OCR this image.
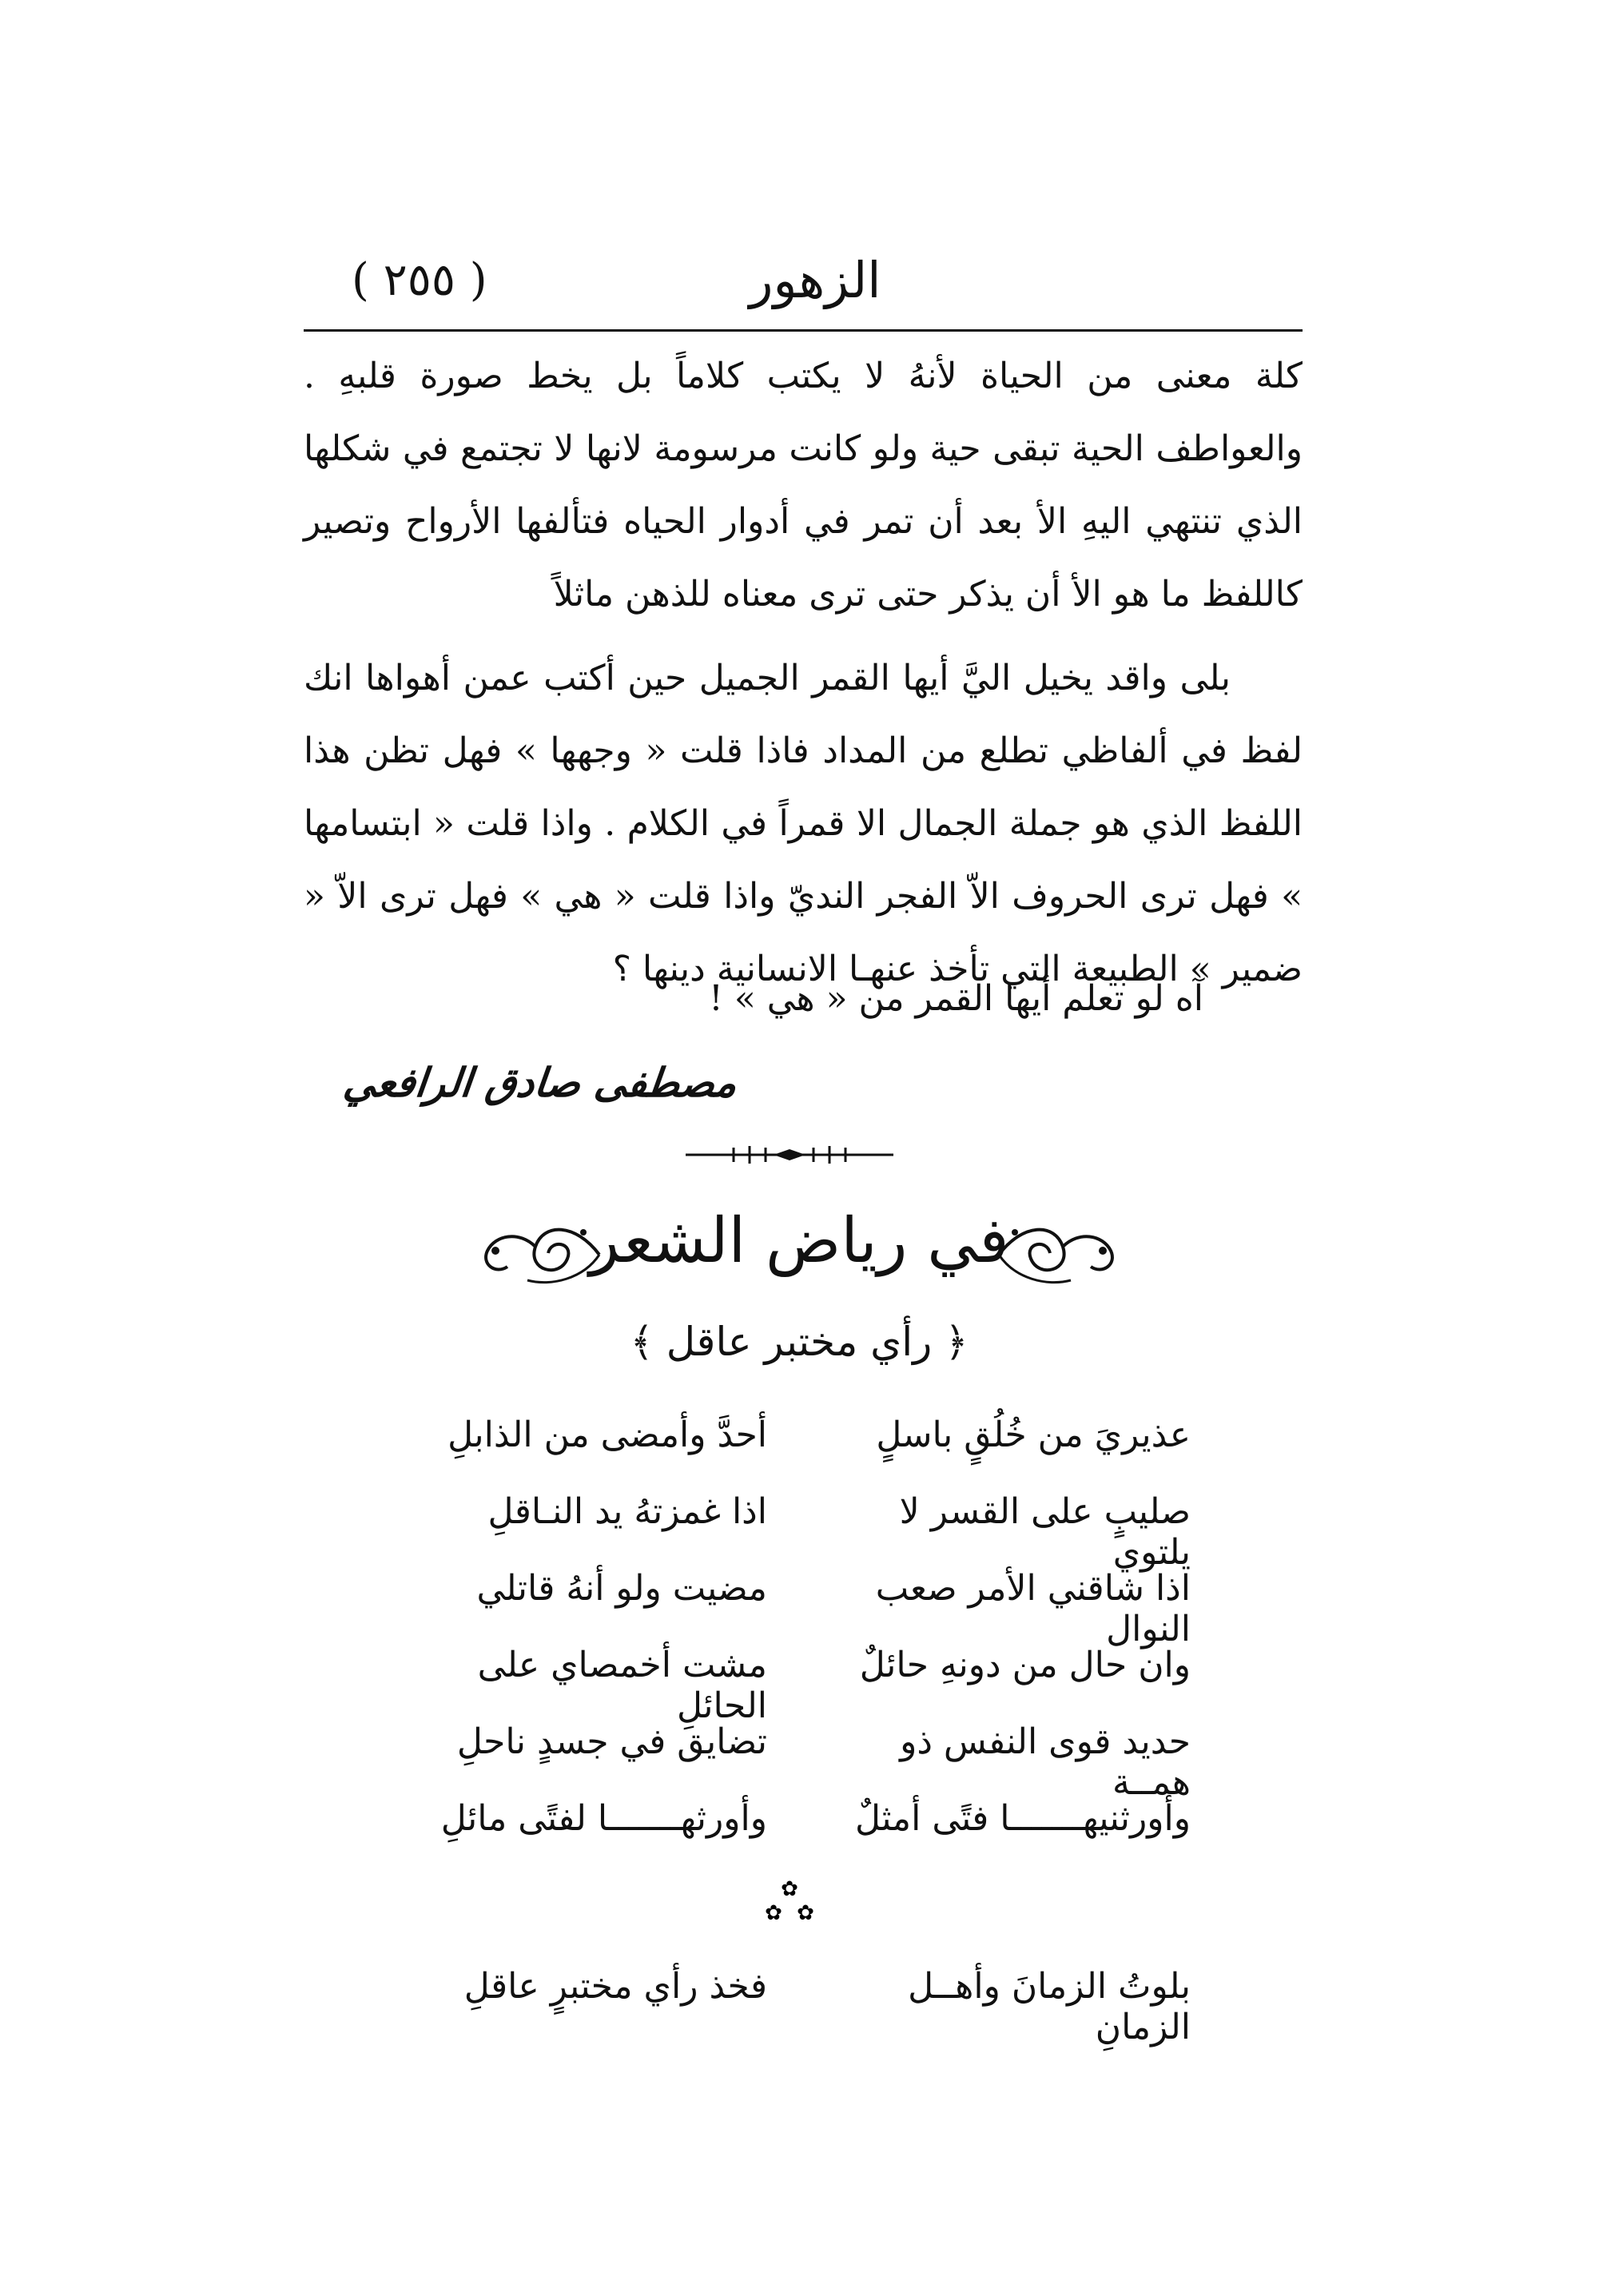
( ٢٥٥ )	الزهور

كلة معنى من الحياة لأنهُ لا يكتب كلاماً بل يخط صورة قلبهِ . والعواطف الحية تبقى حية ولو كانت مرسومة لانها لا تجتمع في شكلها الذي تنتهي اليهِ الأ بعد أن تمر في أدوار الحياه فتألفها الأرواح وتصير كاللفظ ما هو الأ أن يذكر حتى ترى معناه للذهن ماثلاً

بلى واقد يخيل اليَّ أيها القمر الجميل حين أكتب عمن أهواها انك لفظ في ألفاظي تطلع من المداد فاذا قلت « وجهها » فهل تظن هذا اللفظ الذي هو جملة الجمال الا قمراً في الكلام . واذا قلت « ابتسامها » فهل ترى الحروف الاّ الفجر النديّ واذا قلت « هي » فهل ترى الاّ « ضمير » الطبيعة التي تأخذ عنهـا الانسانية دينها ؟

آه لو تعلم أيها القمر من « هي » !
مصطفى صادق الرافعي
في رياض الشعر
﴿ رأي مختبر عاقل ﴾
عذيريَ من خُلُقٍ باسلٍ
أحدَّ وأمضى من الذابلِ
صليبٍ على القسر لا يلتوي
اذا غمزتهُ يد النـاقلِ
اذا شاقني الأمر صعب النوال
مضيت ولو أنهُ قاتلي
وان حال من دونهِ حائلٌ
مشت أخمصاي على الحائلِ
حديد قوى النفس ذو همــة
تضايق في جسدٍ ناحلِ
وأورثنيهـــــــا فتًى أمثلٌ
وأورثهـــــــا لفتًى مائلِ
✿
✿ ✿
بلوتُ الزمانَ وأهــل الزمانِ
فخذ رأي مختبرٍ عاقلِ
